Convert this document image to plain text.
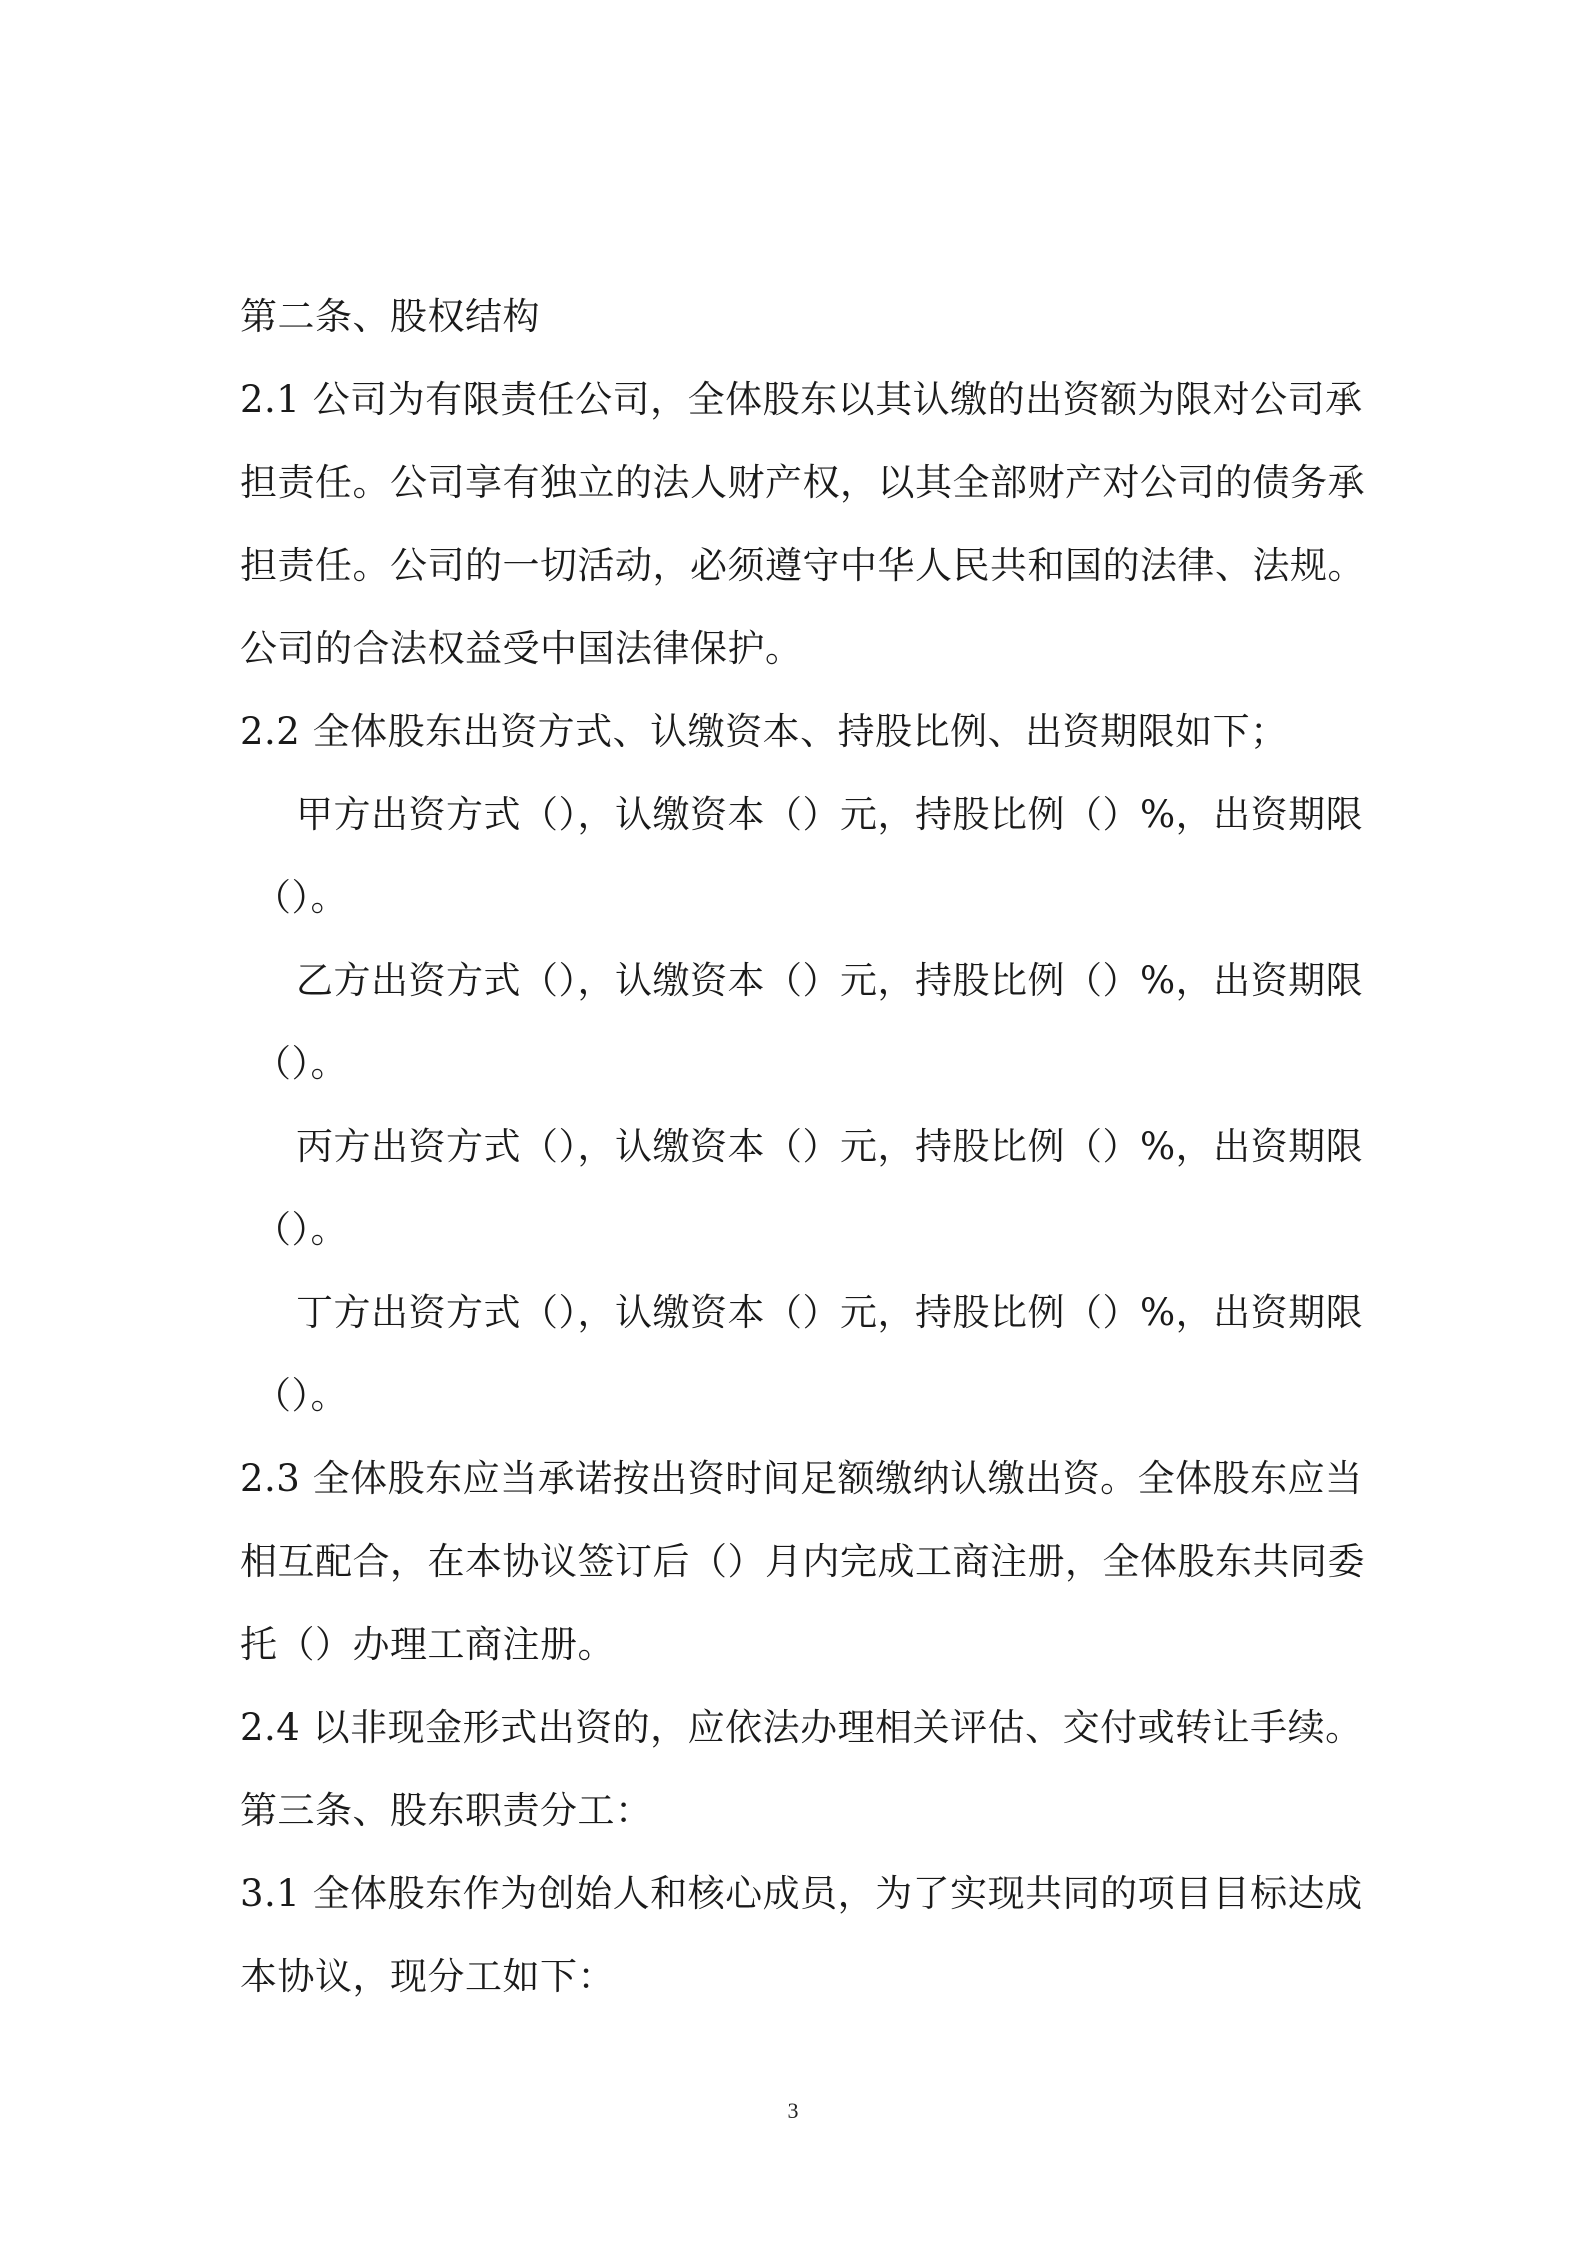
第二条、股权结构
2.1 公司为有限责任公司，全体股东以其认缴的出资额为限对公司承
担责任。公司享有独立的法人财产权，以其全部财产对公司的债务承
担责任。公司的一切活动，必须遵守中华人民共和国的法律、法规。
公司的合法权益受中国法律保护。
2.2 全体股东出资方式、认缴资本、持股比例、出资期限如下；
甲方出资方式（），认缴资本（）元，持股比例（）%，出资期限
（）。
乙方出资方式（），认缴资本（）元，持股比例（）%，出资期限
（）。
丙方出资方式（），认缴资本（）元，持股比例（）%，出资期限
（）。
丁方出资方式（），认缴资本（）元，持股比例（）%，出资期限
（）。
2.3 全体股东应当承诺按出资时间足额缴纳认缴出资。全体股东应当
相互配合，在本协议签订后（）月内完成工商注册，全体股东共同委
托（）办理工商注册。
2.4 以非现金形式出资的，应依法办理相关评估、交付或转让手续。
第三条、股东职责分工：
3.1 全体股东作为创始人和核心成员，为了实现共同的项目目标达成
本协议，现分工如下：
3
